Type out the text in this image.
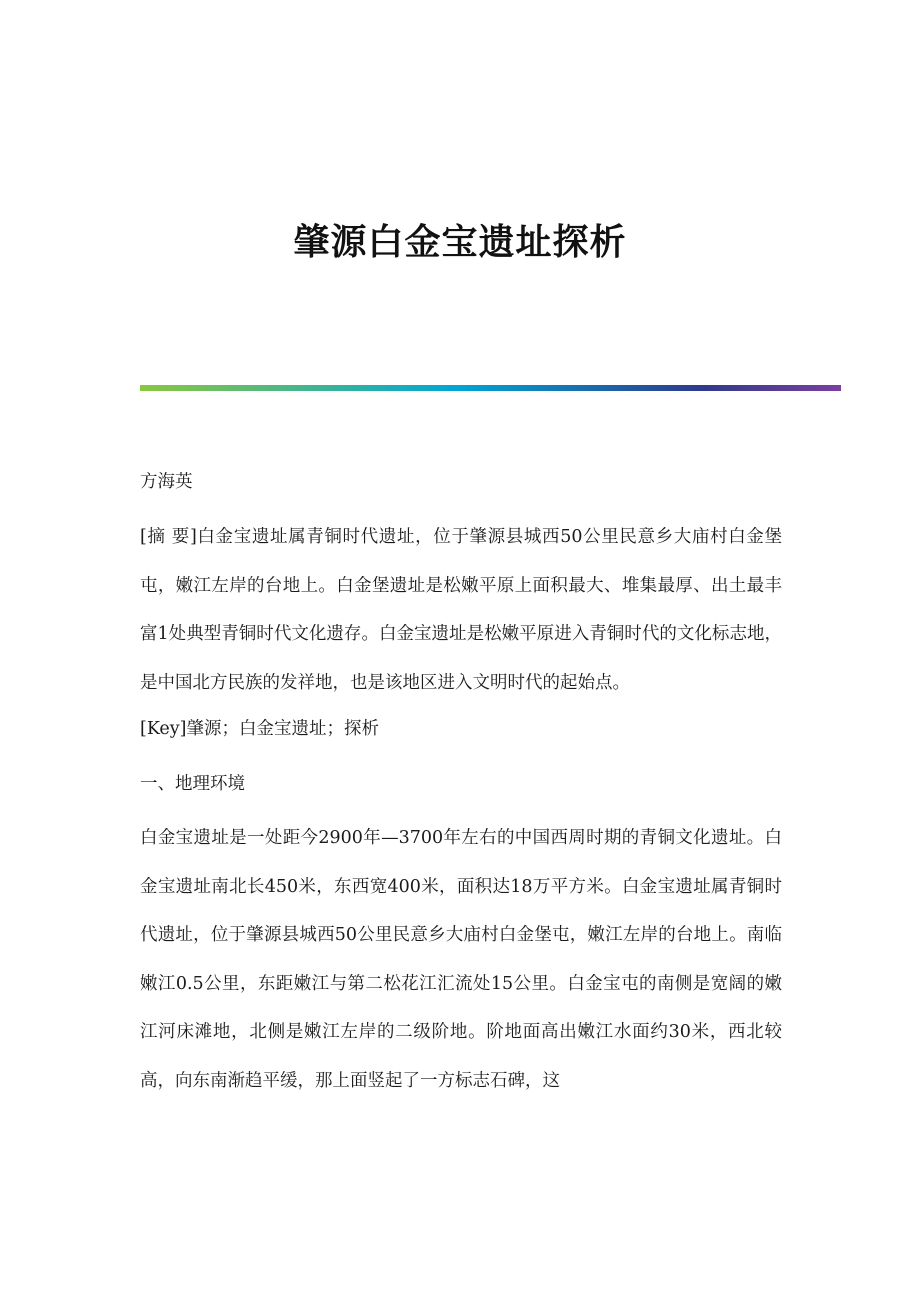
肇源白金宝遗址探析

方海英

[摘 要]白金宝遗址属青铜时代遗址，位于肇源县城西50公里民意乡大庙村白金堡屯，嫩江左岸的台地上。白金堡遗址是松嫩平原上面积最大、堆集最厚、出土最丰富1处典型青铜时代文化遗存。白金宝遗址是松嫩平原进入青铜时代的文化标志地，是中国北方民族的发祥地，也是该地区进入文明时代的起始点。

[Key]肇源；白金宝遗址；探析

一、地理环境

白金宝遗址是一处距今2900年—3700年左右的中国西周时期的青铜文化遗址。白金宝遗址南北长450米，东西宽400米，面积达18万平方米。白金宝遗址属青铜时代遗址，位于肇源县城西50公里民意乡大庙村白金堡屯，嫩江左岸的台地上。南临嫩江0.5公里，东距嫩江与第二松花江汇流处15公里。白金宝屯的南侧是宽阔的嫩江河床滩地，北侧是嫩江左岸的二级阶地。阶地面高出嫩江水面约30米，西北较高，向东南渐趋平缓，那上面竖起了一方标志石碑，这
